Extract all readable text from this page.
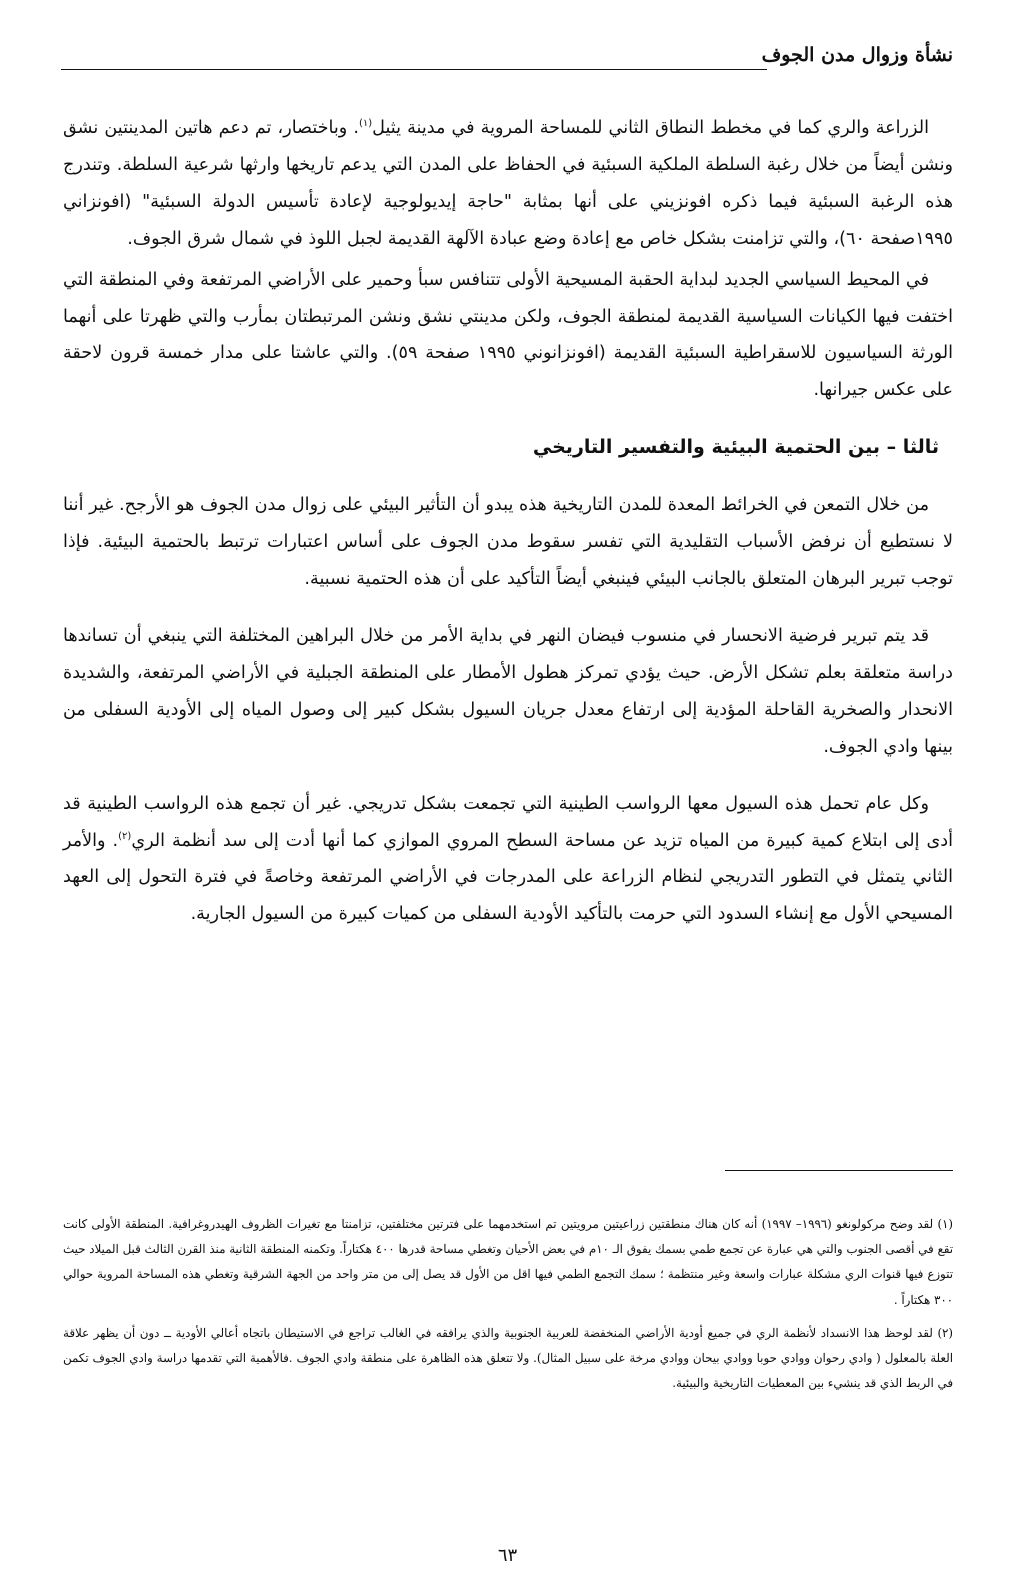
نشأة وزوال مدن الجوف

الزراعة والري كما في مخطط النطاق الثاني للمساحة المروية في مدينة يثيل$^{(١)}$. وباختصار، تم دعم هاتين المدينتين نشق ونشن أيضاً من خلال رغبة السلطة الملكية السبئية في الحفاظ على المدن التي يدعم تاريخها وارثها شرعية السلطة. وتندرج هذه الرغبة السبئية فيما ذكره افونزيني على أنها بمثابة "حاجة إيديولوجية لإعادة تأسيس الدولة السبئية" (افونزاني ١٩٩٥صفحة ٦٠)، والتي تزامنت بشكل خاص مع إعادة وضع عبادة الآلهة القديمة لجبل اللوذ في شمال شرق الجوف.

في المحيط السياسي الجديد لبداية الحقبة المسيحية الأولى تتنافس سبأ وحمير على الأراضي المرتفعة وفي المنطقة التي اختفت فيها الكيانات السياسية القديمة لمنطقة الجوف، ولكن مدينتي نشق ونشن المرتبطتان بمأرب والتي ظهرتا على أنهما الورثة السياسيون للاسقراطية السبئية القديمة (افونزانوني ١٩٩٥ صفحة ٥٩). والتي عاشتا على مدار خمسة قرون لاحقة على عكس جيرانها.

ثالثا – بين الحتمية البيئية والتفسير التاريخي

من خلال التمعن في الخرائط المعدة للمدن التاريخية هذه يبدو أن التأثير البيئي على زوال مدن الجوف هو الأرجح. غير أننا لا نستطيع أن نرفض الأسباب التقليدية التي تفسر سقوط مدن الجوف على أساس اعتبارات ترتبط بالحتمية البيئية. فإذا توجب تبرير البرهان المتعلق بالجانب البيئي فينبغي أيضاً التأكيد على أن هذه الحتمية نسبية.

قد يتم تبرير فرضية الانحسار في منسوب فيضان النهر في بداية الأمر من خلال البراهين المختلفة التي ينبغي أن تساندها دراسة متعلقة بعلم تشكل الأرض. حيث يؤدي تمركز هطول الأمطار على المنطقة الجبلية في الأراضي المرتفعة، والشديدة الانحدار والصخرية القاحلة المؤدية إلى ارتفاع معدل جريان السيول بشكل كبير إلى وصول المياه إلى الأودية السفلى من بينها وادي الجوف.

وكل عام تحمل هذه السيول معها الرواسب الطينية التي تجمعت بشكل تدريجي. غير أن تجمع هذه الرواسب الطينية قد أدى إلى ابتلاع كمية كبيرة من المياه تزيد عن مساحة السطح المروي الموازي كما أنها أدت إلى سد أنظمة الري$^{(٢)}$. والأمر الثاني يتمثل في التطور التدريجي لنظام الزراعة على المدرجات في الأراضي المرتفعة وخاصةً في فترة التحول إلى العهد المسيحي الأول مع إنشاء السدود التي حرمت بالتأكيد الأودية السفلى من كميات كبيرة من السيول الجارية.

(١) لقد وضح مركولونغو (١٩٩٦– ١٩٩٧) أنه كان هناك منطقتين زراعيتين مرويتين تم استخدمهما على فترتين مختلفتين، تزامنتا مع تغيرات الظروف الهيدروغرافية. المنطقة الأولى كانت تقع في أقصى الجنوب والتي هي عبارة عن تجمع طمي بسمك يفوق الـ ١٠م في بعض الأحيان وتغطي مساحة قدرها ٤٠٠ هكتاراً. وتكمنه المنطقة الثانية منذ القرن الثالث قبل الميلاد حيث تتوزع فيها قنوات الري مشكلة عبارات واسعة وغير منتظمة ؛ سمك التجمع الطمي فيها اقل من الأول قد يصل إلى من متر واحد من الجهة الشرقية وتغطي هذه المساحة المروية حوالي ٣٠٠ هكتاراً .

(٢) لقد لوحظ هذا الانسداد لأنظمة الري في جميع أودية الأراضي المنخفضة للعربية الجنوبية والذي يرافقه في الغالب تراجع في الاستيطان باتجاه أعالي الأودية ــ دون أن يظهر علاقة العلة بالمعلول ( وادي رحوان ووادي حوبا ووادي بيحان ووادي مرخة على سبيل المثال). ولا تتعلق هذه الظاهرة على منطقة وادي الجوف .فالأهمية التي تقدمها دراسة وادي الجوف تكمن في الربط الذي قد ينشيء بين المعطيات التاريخية والبيئية.

٦٣
